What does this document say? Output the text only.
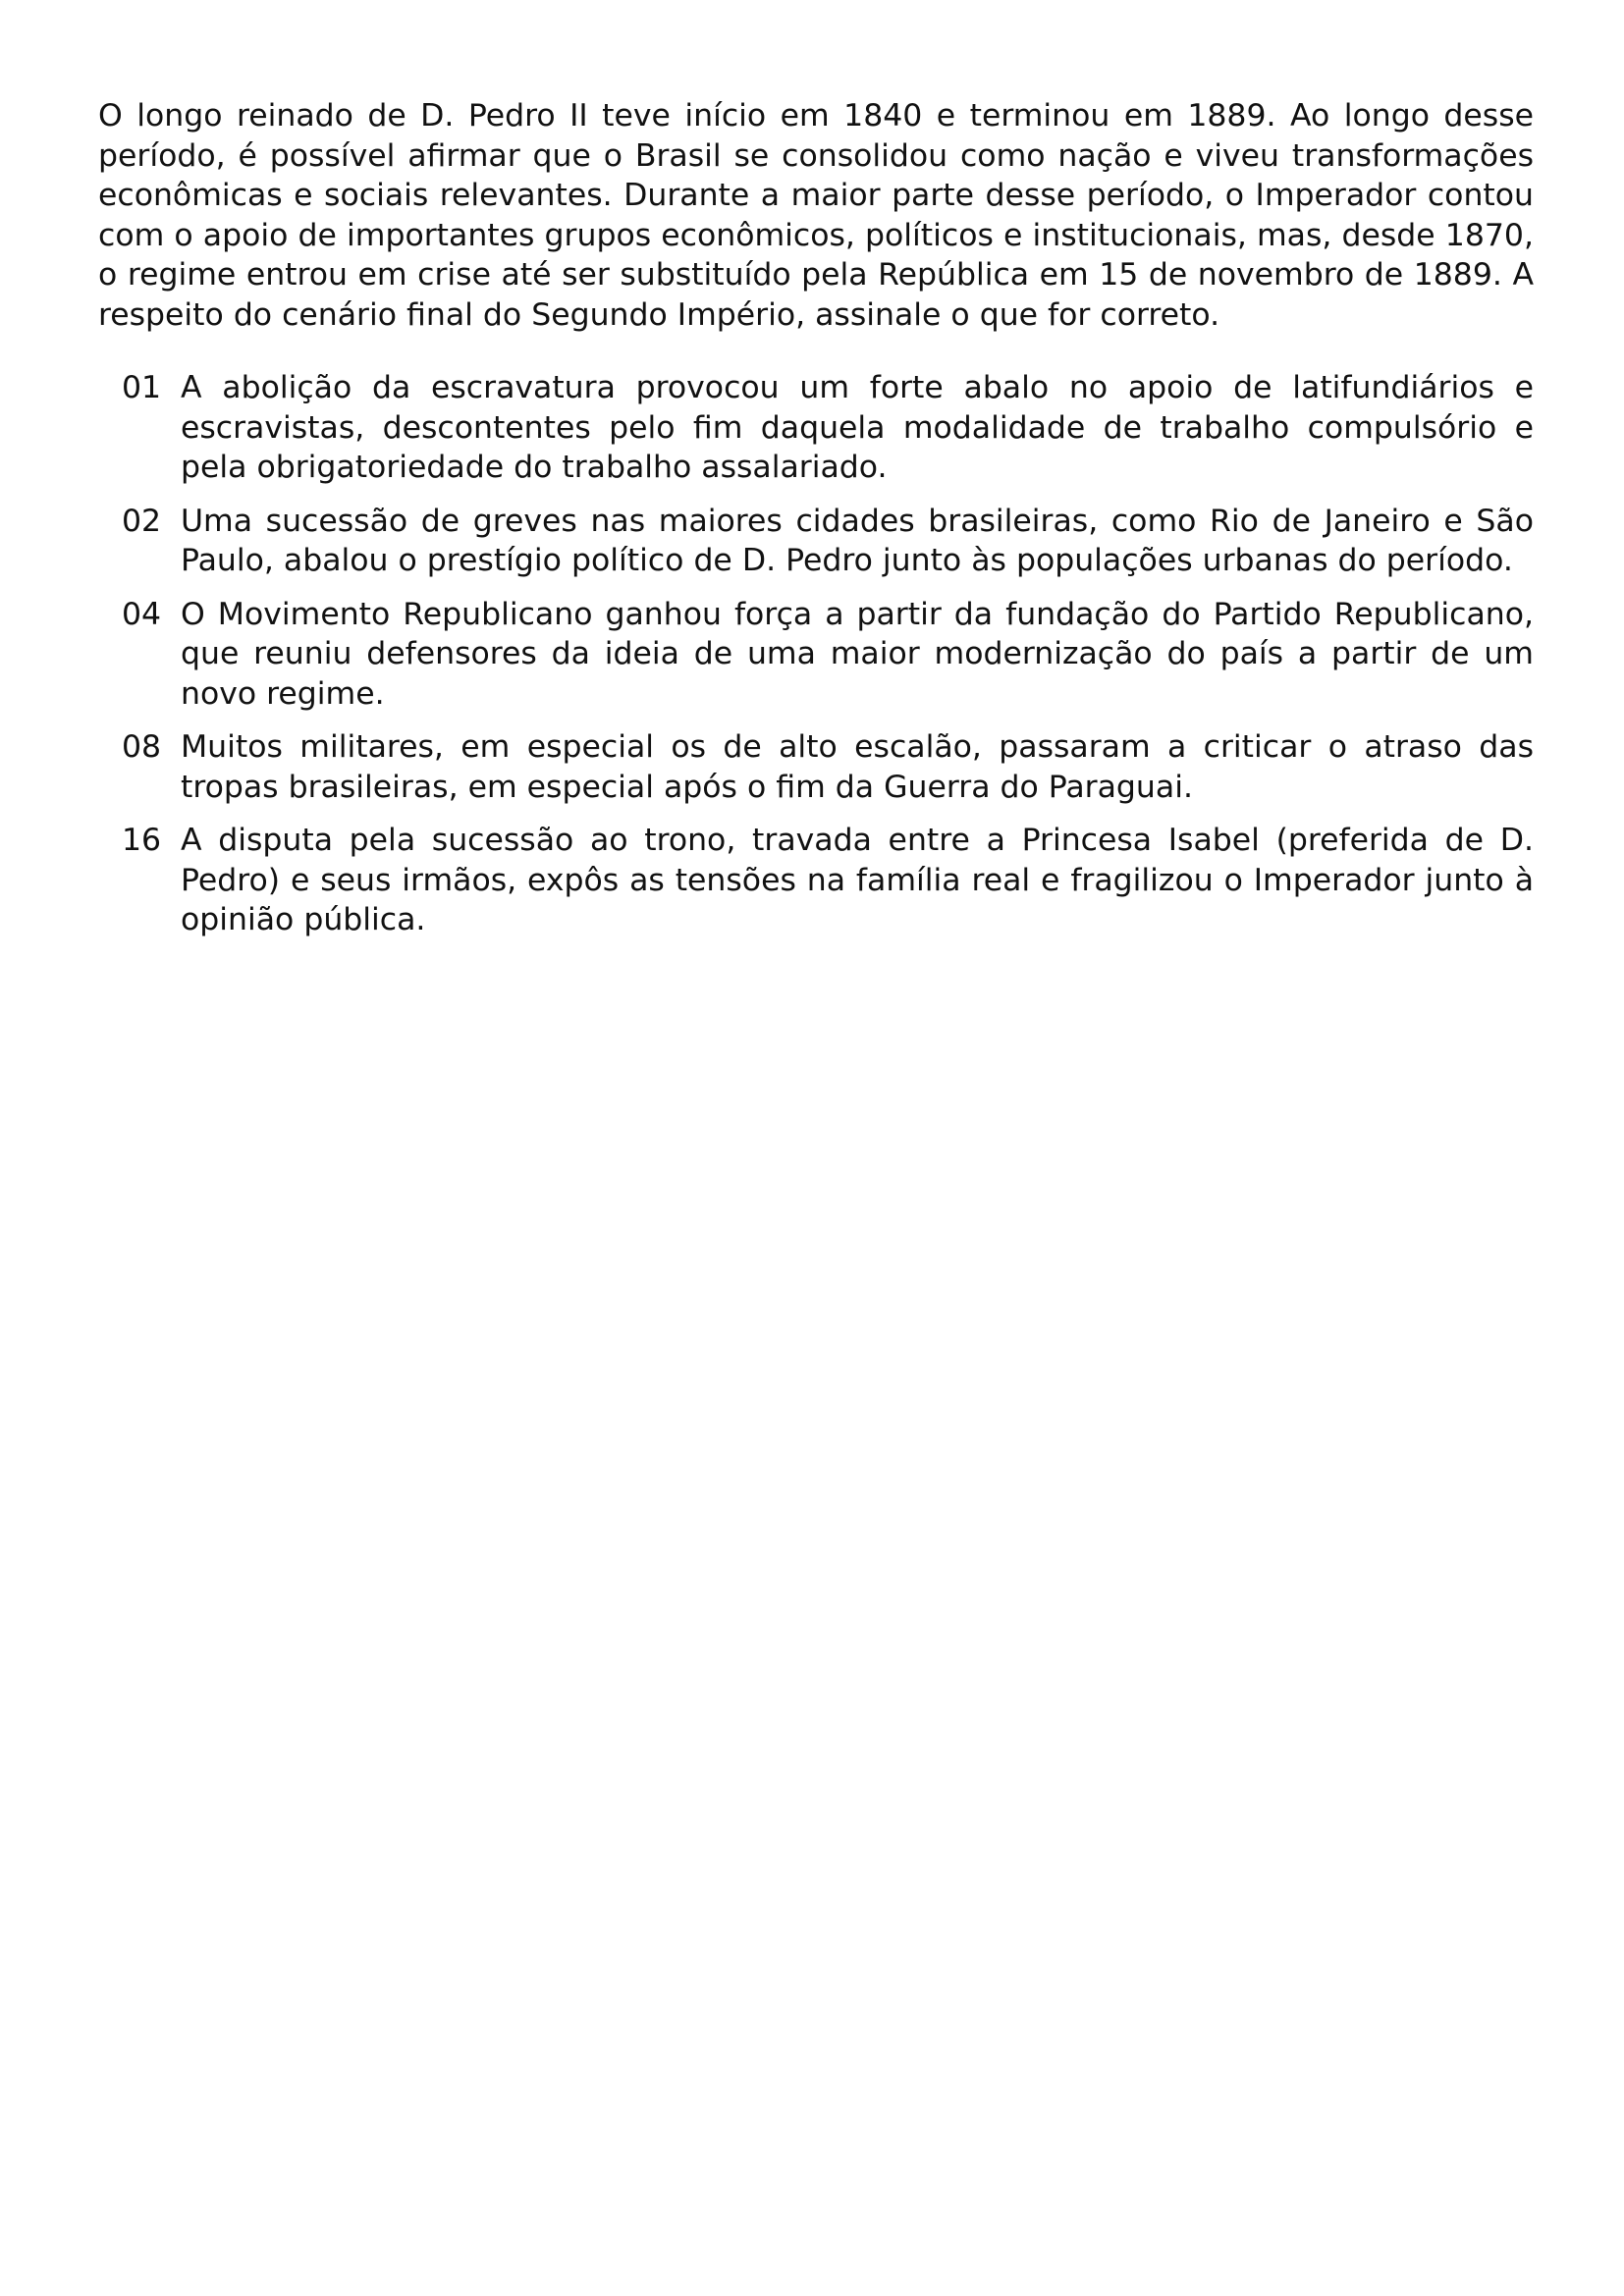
O longo reinado de D. Pedro II teve início em 1840 e terminou em 1889. Ao longo desse período, é possível afirmar que o Brasil se consolidou como nação e viveu transformações econômicas e sociais relevantes. Durante a maior parte desse período, o Imperador contou com o apoio de importantes grupos econômicos, políticos e institucionais, mas, desde 1870, o regime entrou em crise até ser substituído pela República em 15 de novembro de 1889. A respeito do cenário final do Segundo Império, assinale o que for correto.

01 A abolição da escravatura provocou um forte abalo no apoio de latifundiários e escravistas, descontentes pelo fim daquela modalidade de trabalho compulsório e pela obrigatoriedade do trabalho assalariado.
02 Uma sucessão de greves nas maiores cidades brasileiras, como Rio de Janeiro e São Paulo, abalou o prestígio político de D. Pedro junto às populações urbanas do período.
04 O Movimento Republicano ganhou força a partir da fundação do Partido Republicano, que reuniu defensores da ideia de uma maior modernização do país a partir de um novo regime.
08 Muitos militares, em especial os de alto escalão, passaram a criticar o atraso das tropas brasileiras, em especial após o fim da Guerra do Paraguai.
16 A disputa pela sucessão ao trono, travada entre a Princesa Isabel (preferida de D. Pedro) e seus irmãos, expôs as tensões na família real e fragilizou o Imperador junto à opinião pública.
